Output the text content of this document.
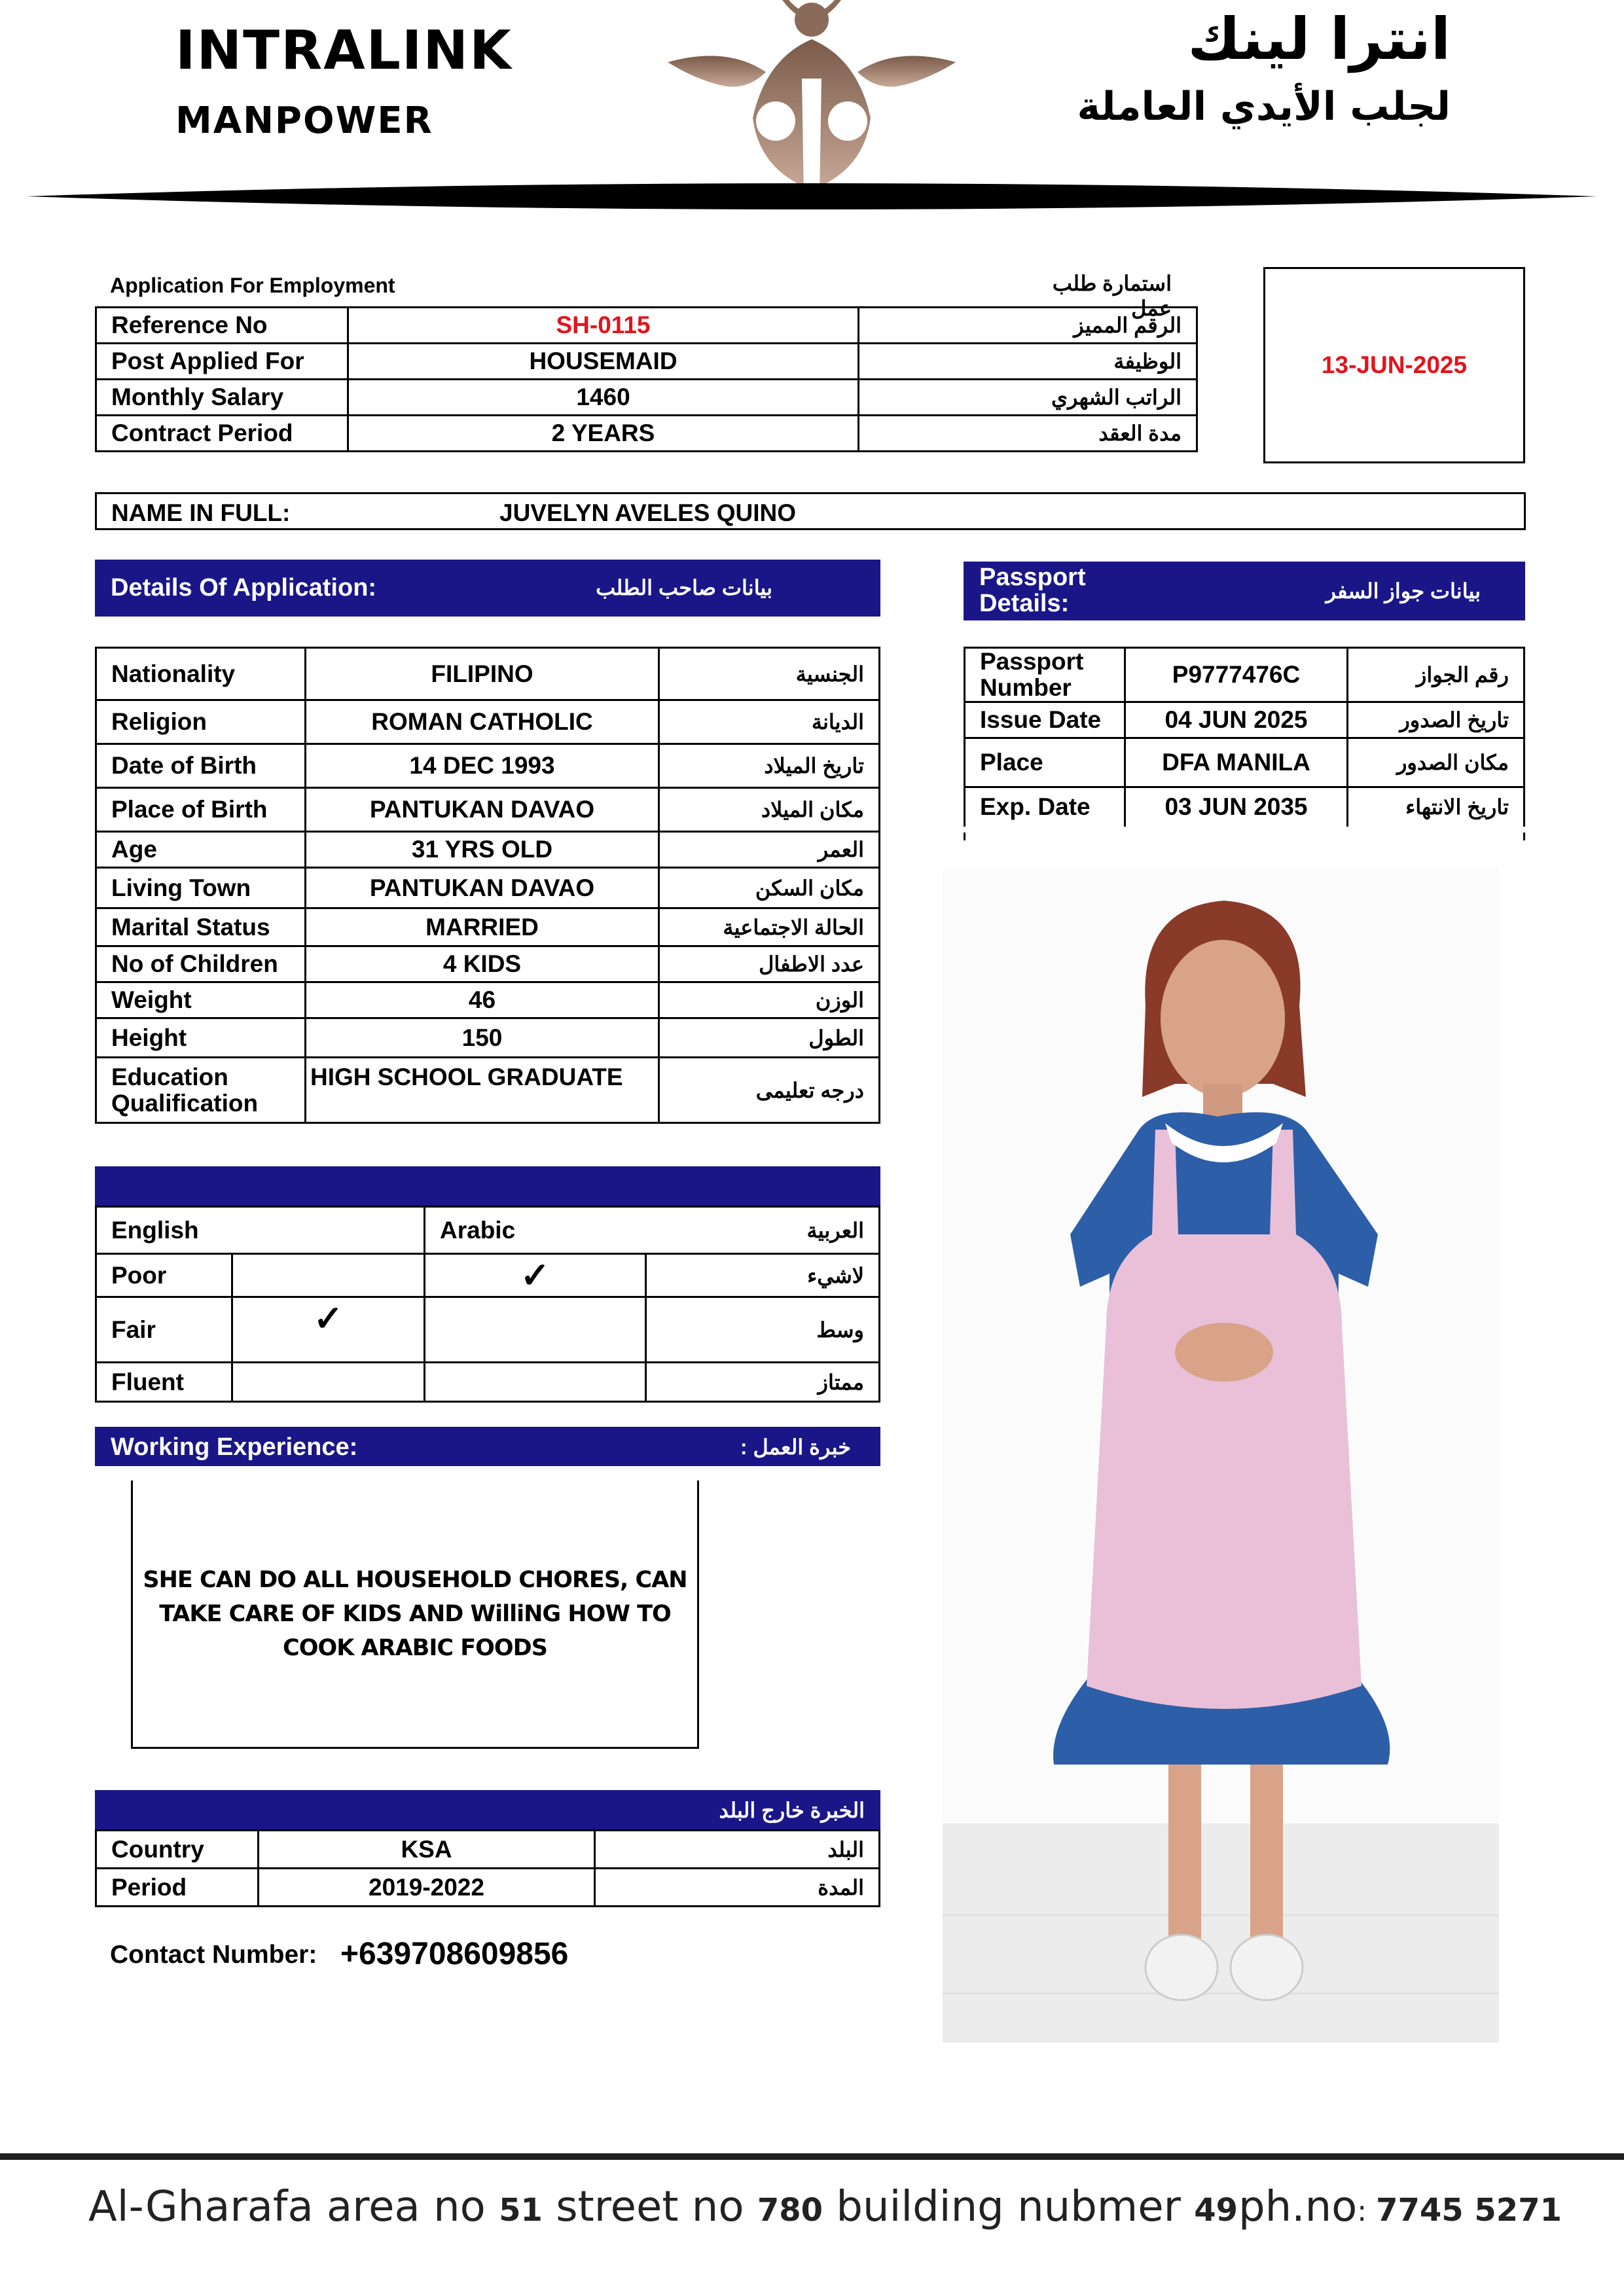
INTRALINK
MANPOWER
انترا لينك
لجلب الأيدي العاملة
Application For Employment	استمارة طلب عمل
Reference No	SH-0115	الرقم المميز
Post Applied For	HOUSEMAID	الوظيفة
Monthly Salary	1460	الراتب الشهري
Contract Period	2 YEARS	مدة العقد
13-JUN-2025
NAME IN FULL:	JUVELYN AVELES QUINO
Details Of Application:	بيانات صاحب الطلب
Nationality	FILIPINO	الجنسية
Religion	ROMAN CATHOLIC	الديانة
Date of Birth	14 DEC 1993	تاريخ الميلاد
Place of Birth	PANTUKAN DAVAO	مكان الميلاد
Age	31 YRS OLD	العمر
Living Town	PANTUKAN DAVAO	مكان السكن
Marital Status	MARRIED	الحالة الاجتماعية
No of Children	4 KIDS	عدد الاطفال
Weight	46	الوزن
Height	150	الطول

Education
Qualification	HIGH SCHOOL GRADUATE	درجه تعليمى
Passport
Details:	بيانات جواز السفر
Passport
Number	P9777476C	رقم الجواز
Issue Date	04 JUN 2025	تاريخ الصدور
Place	DFA MANILA	مكان الصدور
Exp. Date	03 JUN 2035	تاريخ الانتهاء
English		Arabic	العربية
Poor		✓	لاشيء
Fair	✓		وسط
Fluent			ممتاز
Working Experience:	خبرة العمل :
SHE CAN DO ALL HOUSEHOLD CHORES, CAN
TAKE CARE OF KIDS AND WilliNG HOW TO
COOK ARABIC FOODS
الخبرة خارج البلد
Country	KSA	البلد
Period	2019-2022	المدة
Contact Number: +639708609856
Al-Gharafa area no 51 street no 780 building nubmer 49 ph.no: 7745 5271
